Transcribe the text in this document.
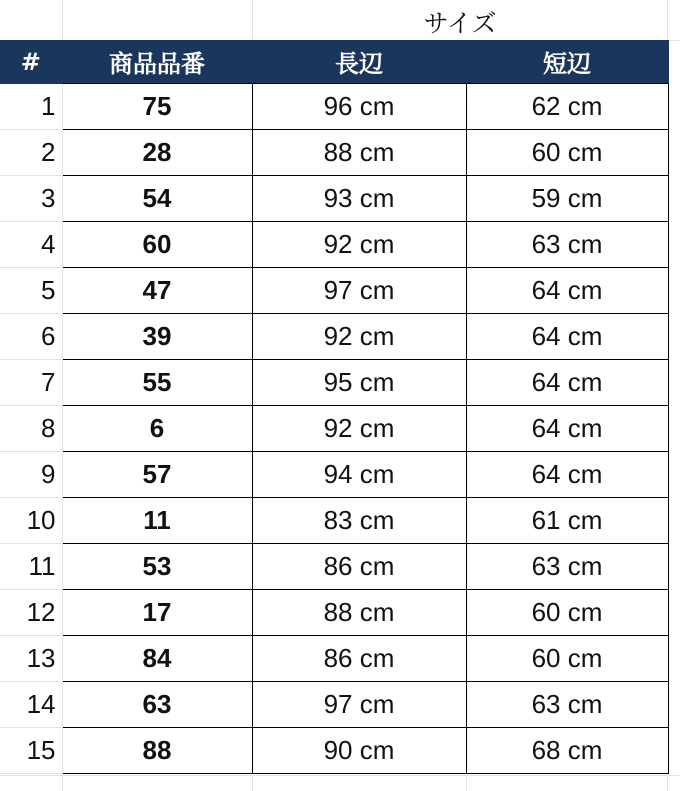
サイズ
#	商品品番	長辺	短辺
1	75	96 cm	62 cm
2	28	88 cm	60 cm
3	54	93 cm	59 cm
4	60	92 cm	63 cm
5	47	97 cm	64 cm
6	39	92 cm	64 cm
7	55	95 cm	64 cm
8	6	92 cm	64 cm
9	57	94 cm	64 cm
10	11	83 cm	61 cm
11	53	86 cm	63 cm
12	17	88 cm	60 cm
13	84	86 cm	60 cm
14	63	97 cm	63 cm
15	88	90 cm	68 cm
